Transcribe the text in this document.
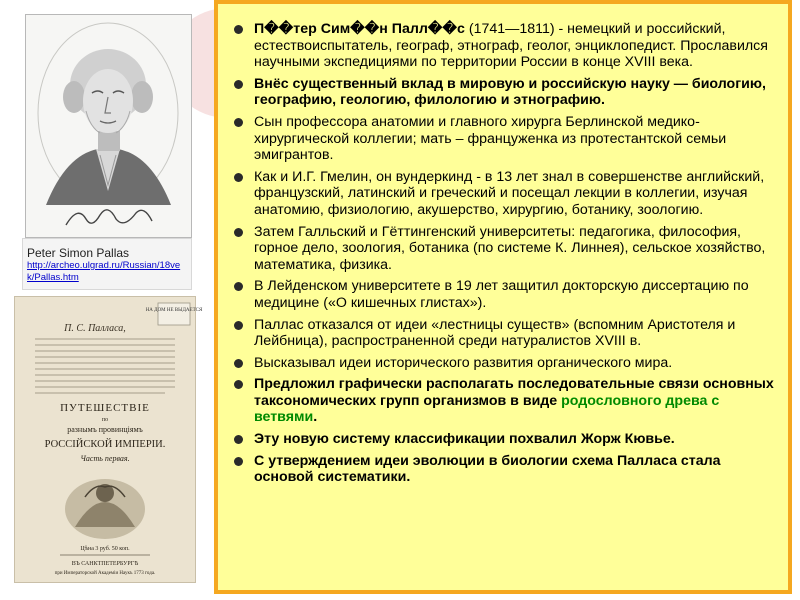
Peter Simon Pallas
http://archeo.ulgrad.ru/Russian/18vek/Pallas.htm
НА ДОМ НЕ ВЫДАЕТСЯ
П. С. Палласа,
ПУТЕШЕСТВІЕ
по
разнымъ провинціямъ
РОССІЙСКОЙ ИМПЕРІИ.
Часть первая.
Цѣна 3 руб. 50 коп.
ВЪ САНКТПЕТЕРБУРГѢ
при Императорской Академіи Наукъ 1773 года.
П��тер Сим��н Палл��с (1741—1811) - немецкий и российский, естествоиспытатель, географ, этнограф, геолог, энциклопедист. Прославился научными экспедициями по территории России в конце XVIII века.
Внёс существенный вклад в мировую и российскую науку — биологию, географию, геологию, филологию и этнографию.
Сын профессора анатомии и главного хирурга Берлинской медико-хирургической коллегии; мать – француженка из протестантской семьи эмигрантов.
Как и И.Г. Гмелин, он вундеркинд - в 13 лет знал в совершенстве английский, французский, латинский и греческий и посещал лекции в коллегии, изучая анатомию, физиологию, акушерство, хирургию, ботанику, зоологию.
Затем Галльский и Гёттингенский университеты: педагогика, философия, горное дело, зоология, ботаника (по системе К. Линнея), сельское хозяйство, математика, физика.
В Лейденском университете в 19 лет защитил докторскую диссертацию по медицине («О кишечных глистах»).
Паллас отказался от идеи «лестницы существ» (вспомним Аристотеля и Лейбница), распространенной среди натуралистов XVIII в.
Высказывал идеи исторического развития органического мира.
Предложил графически располагать последовательные связи основных таксономических групп организмов в виде родословного древа с ветвями.
Эту новую систему классификации похвалил Жорж Кювье.
С утверждением идеи эволюции в биологии схема Палласа стала основой систематики.
